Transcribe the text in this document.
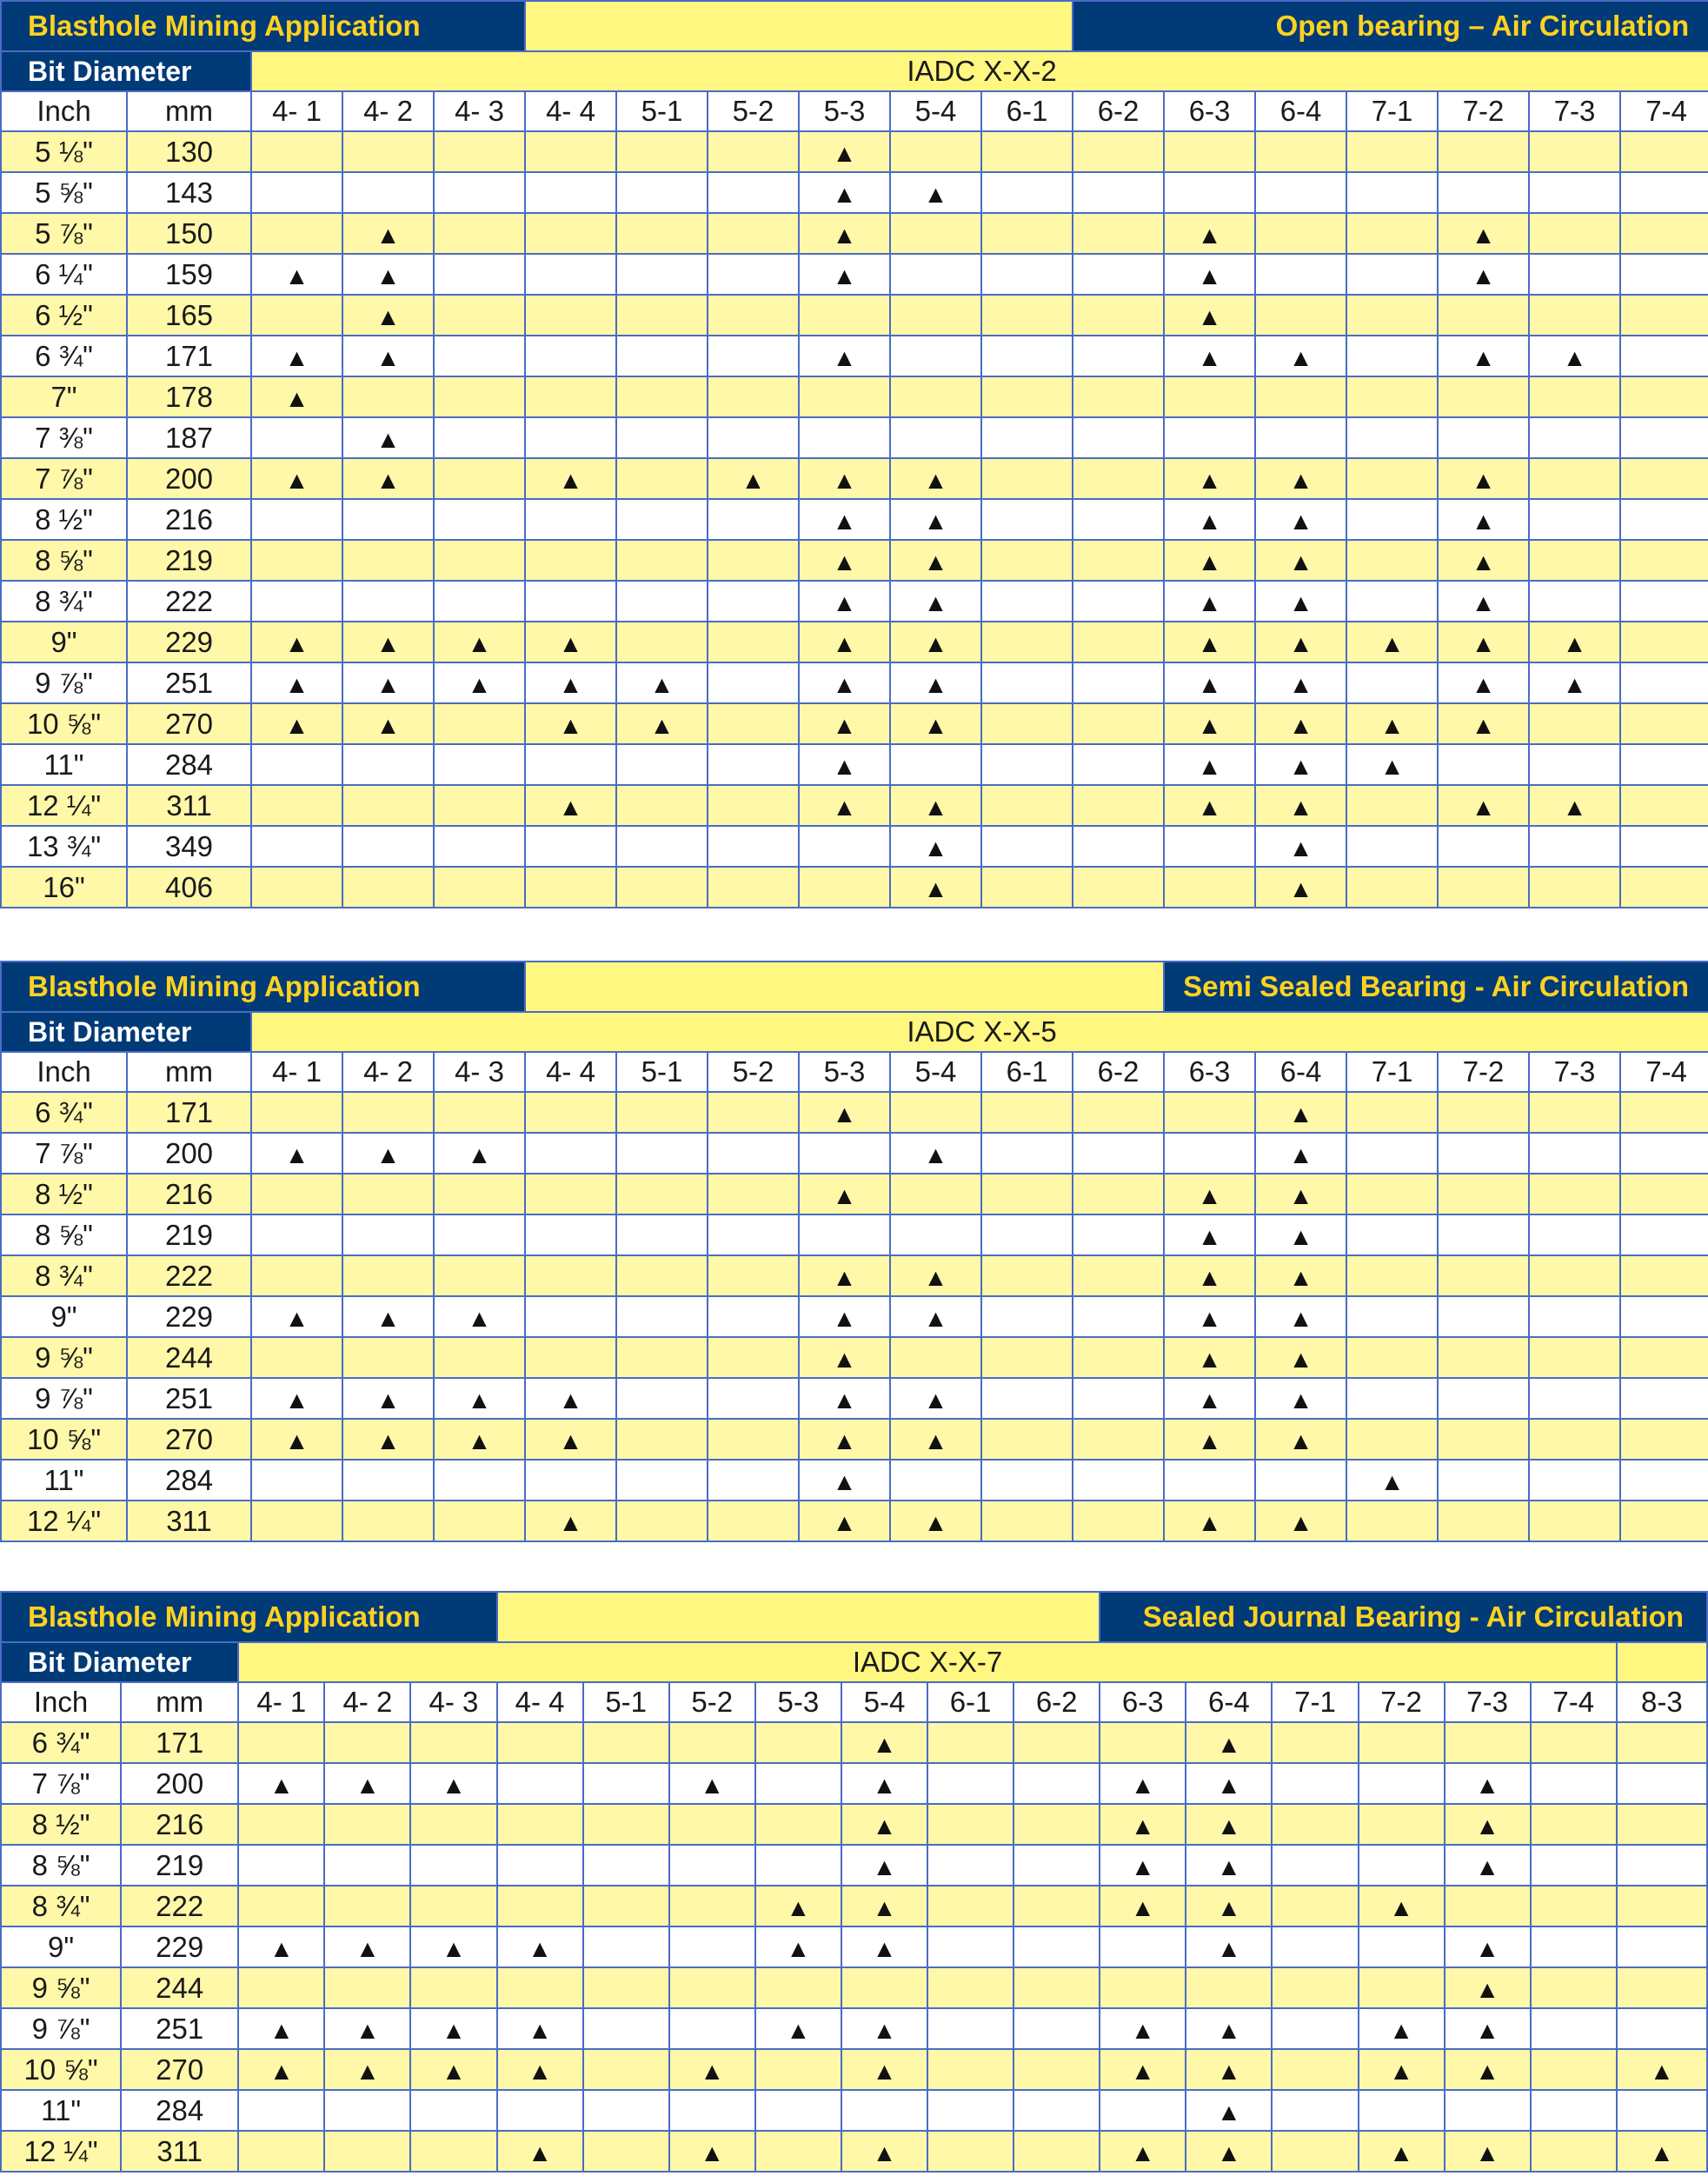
Blasthole Mining Application											Open bearing – Air Circulation						
Bit Diameter		IADC X-X-2															
Inch	mm	4- 1	4- 2	4- 3	4- 4	5-1	5-2	5-3	5-4	6-1	6-2	6-3	6-4	7-1	7-2	7-3	7-4
5 ⅛"	130							▲									
5 ⅝"	143							▲	▲								
5 ⅞"	150		▲					▲				▲			▲		
6 ¼"	159	▲	▲					▲				▲			▲		
6 ½"	165		▲									▲					
6 ¾"	171	▲	▲					▲				▲	▲		▲	▲	
7"	178	▲															
7 ⅜"	187		▲														
7 ⅞"	200	▲	▲		▲		▲	▲	▲			▲	▲		▲		
8 ½"	216							▲	▲			▲	▲		▲		
8 ⅝"	219							▲	▲			▲	▲		▲		
8 ¾"	222							▲	▲			▲	▲		▲		
9"	229	▲	▲	▲	▲			▲	▲			▲	▲	▲	▲	▲	
9 ⅞"	251	▲	▲	▲	▲	▲		▲	▲			▲	▲		▲	▲	
10 ⅝"	270	▲	▲		▲	▲		▲	▲			▲	▲	▲	▲		
11"	284							▲				▲	▲	▲			
12 ¼"	311				▲			▲	▲			▲	▲		▲	▲	
13 ¾"	349								▲				▲				
16"	406								▲				▲				
Blasthole Mining Application												Semi Sealed Bearing - Air Circulation					
Bit Diameter		IADC X-X-5															
Inch	mm	4- 1	4- 2	4- 3	4- 4	5-1	5-2	5-3	5-4	6-1	6-2	6-3	6-4	7-1	7-2	7-3	7-4
6 ¾"	171							▲					▲				
7 ⅞"	200	▲	▲	▲					▲				▲				
8 ½"	216							▲				▲	▲				
8 ⅝"	219											▲	▲				
8 ¾"	222							▲	▲			▲	▲				
9"	229	▲	▲	▲				▲	▲			▲	▲				
9 ⅝"	244							▲				▲	▲				
9 ⅞"	251	▲	▲	▲	▲			▲	▲			▲	▲				
10 ⅝"	270	▲	▲	▲	▲			▲	▲			▲	▲				
11"	284							▲						▲			
12 ¼"	311				▲			▲	▲			▲	▲				
Blasthole Mining Application												Sealed Journal Bearing - Air Circulation						
Bit Diameter		IADC X-X-7																
Inch	mm	4- 1	4- 2	4- 3	4- 4	5-1	5-2	5-3	5-4	6-1	6-2	6-3	6-4	7-1	7-2	7-3	7-4	8-3
6 ¾"	171								▲				▲					
7 ⅞"	200	▲	▲	▲			▲		▲			▲	▲			▲		
8 ½"	216								▲			▲	▲			▲		
8 ⅝"	219								▲			▲	▲			▲		
8 ¾"	222							▲	▲			▲	▲		▲			
9"	229	▲	▲	▲	▲			▲	▲				▲			▲		
9 ⅝"	244															▲		
9 ⅞"	251	▲	▲	▲	▲			▲	▲			▲	▲		▲	▲		
10 ⅝"	270	▲	▲	▲	▲		▲		▲			▲	▲		▲	▲		▲
11"	284												▲					
12 ¼"	311				▲		▲		▲			▲	▲		▲	▲		▲
